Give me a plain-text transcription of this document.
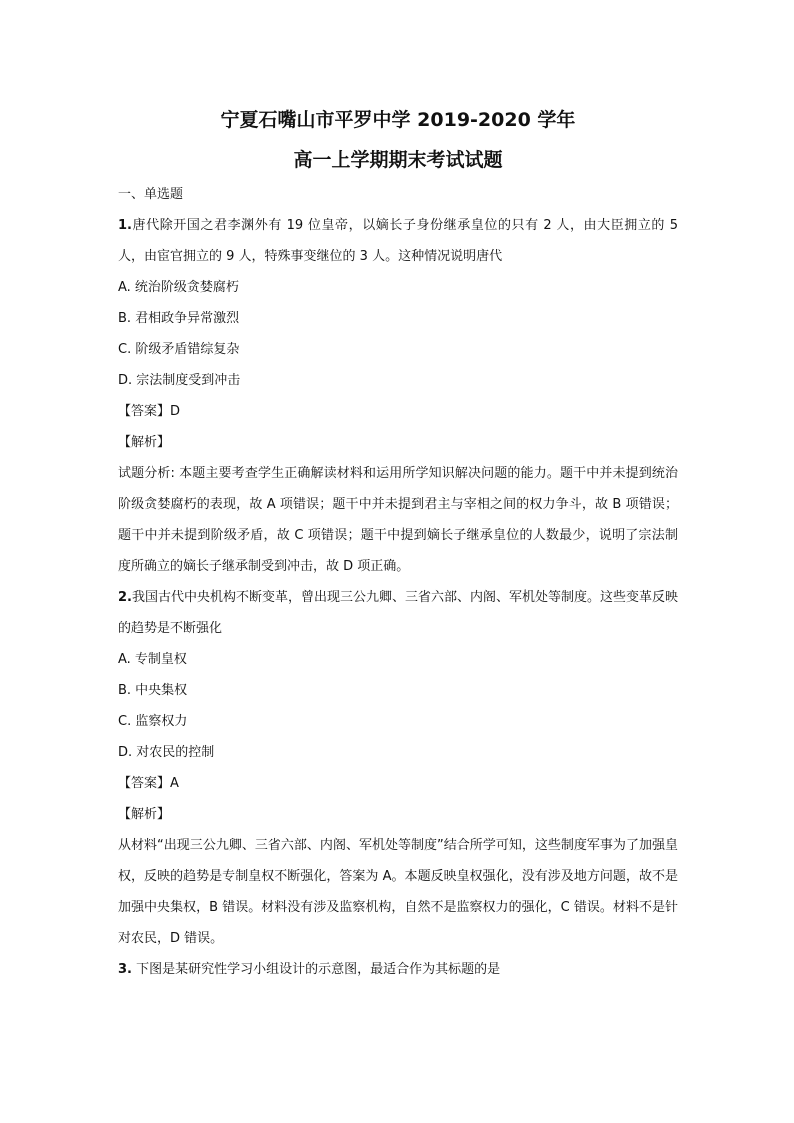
宁夏石嘴山市平罗中学 2019-2020 学年

高一上学期期末考试试题

一、单选题

1.唐代除开国之君李渊外有 19 位皇帝，以嫡长子身份继承皇位的只有 2 人，由大臣拥立的 5 人，由宦官拥立的 9 人，特殊事变继位的 3 人。这种情况说明唐代

A. 统治阶级贪婪腐朽

B. 君相政争异常激烈

C. 阶级矛盾错综复杂

D. 宗法制度受到冲击

【答案】D

【解析】

试题分析: 本题主要考查学生正确解读材料和运用所学知识解决问题的能力。题干中并未提到统治阶级贪婪腐朽的表现，故 A 项错误；题干中并未提到君主与宰相之间的权力争斗，故 B 项错误；题干中并未提到阶级矛盾，故 C 项错误；题干中提到嫡长子继承皇位的人数最少，说明了宗法制度所确立的嫡长子继承制受到冲击，故 D 项正确。

2.我国古代中央机构不断变革，曾出现三公九卿、三省六部、内阁、军机处等制度。这些变革反映的趋势是不断强化

A. 专制皇权

B. 中央集权

C. 监察权力

D. 对农民的控制

【答案】A

【解析】

从材料“出现三公九卿、三省六部、内阁、军机处等制度”结合所学可知，这些制度军事为了加强皇权，反映的趋势是专制皇权不断强化，答案为 A。本题反映皇权强化，没有涉及地方问题，故不是加强中央集权，B 错误。材料没有涉及监察机构，自然不是监察权力的强化，C 错误。材料不是针对农民，D 错误。

3. 下图是某研究性学习小组设计的示意图，最适合作为其标题的是
